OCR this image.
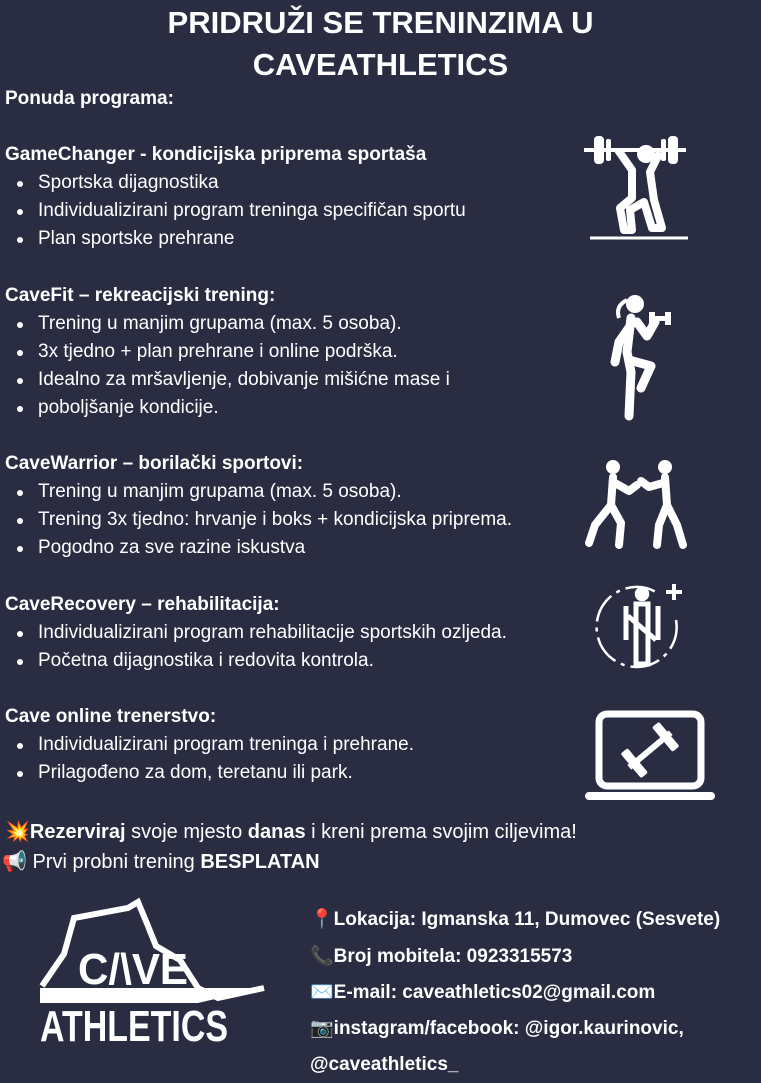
PRIDRUŽI SE TRENINZIMA U
CAVEATHLETICS
Ponuda programa:
GameChanger - kondicijska priprema sportaša
Sportska dijagnostika
Individualizirani program treninga specifičan sportu
Plan sportske prehrane
CaveFit – rekreacijski trening:
Trening u manjim grupama (max. 5 osoba).
3x tjedno + plan prehrane i online podrška.
Idealno za mršavljenje, dobivanje mišićne mase i
poboljšanje kondicije.
CaveWarrior – borilački sportovi:
Trening u manjim grupama (max. 5 osoba).
Trening 3x tjedno: hrvanje i boks + kondicijska priprema.
Pogodno za sve razine iskustva
CaveRecovery – rehabilitacija:
Individualizirani program rehabilitacije sportskih ozljeda.
Početna dijagnostika i redovita kontrola.
Cave online trenerstvo:
Individualizirani program treninga i prehrane.
Prilagođeno za dom, teretanu ili park.
💥Rezerviraj svoje mjesto danas i kreni prema svojim ciljevima!
📢 Prvi probni trening BESPLATAN
C/\VE
ATHLETICS
📍Lokacija: Igmanska 11, Dumovec (Sesvete)
📞Broj mobitela: 0923315573
✉️E-mail: caveathletics02@gmail.com
📷instagram/facebook: @igor.kaurinovic,
@caveathletics_
